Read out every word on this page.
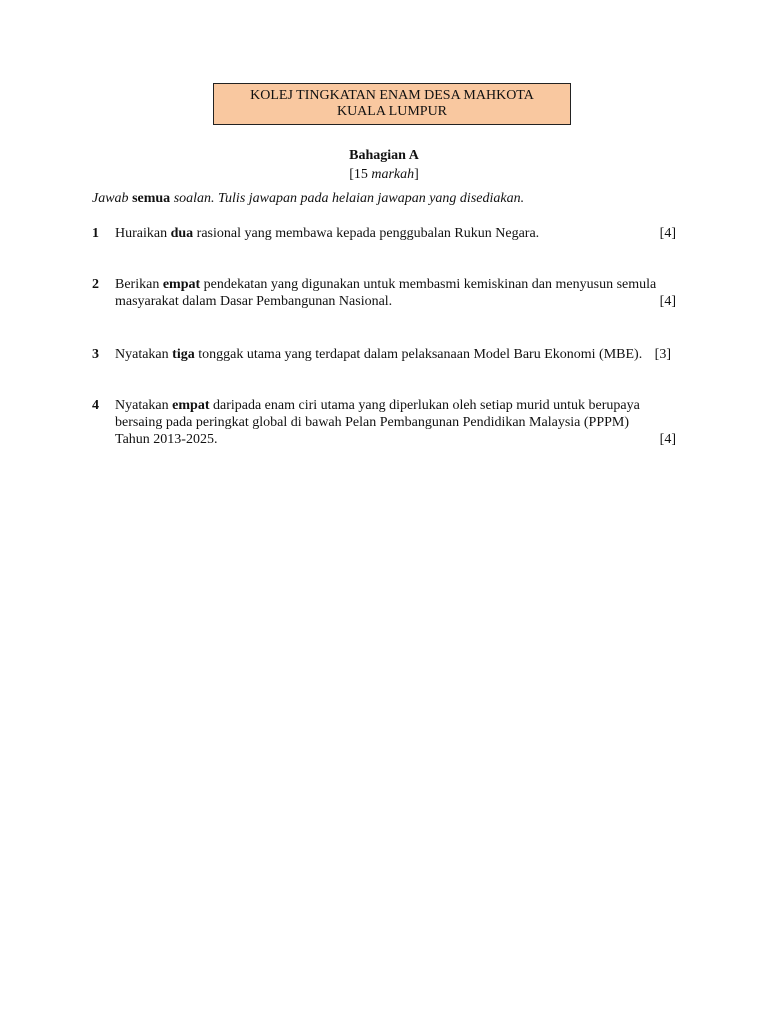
KOLEJ TINGKATAN ENAM DESA MAHKOTA
KUALA LUMPUR
Bahagian A
[15 markah]
Jawab semua soalan. Tulis jawapan pada helaian jawapan yang disediakan.
1 Huraikan dua rasional yang membawa kepada penggubalan Rukun Negara.	[4]
2 Berikan empat pendekatan yang digunakan untuk membasmi kemiskinan dan menyusun semula
masyarakat dalam Dasar Pembangunan Nasional.	[4]
3 Nyatakan tiga tonggak utama yang terdapat dalam pelaksanaan Model Baru Ekonomi (MBE). [3]
4 Nyatakan empat daripada enam ciri utama yang diperlukan oleh setiap murid untuk berupaya
bersaing pada peringkat global di bawah Pelan Pembangunan Pendidikan Malaysia (PPPM)
Tahun 2013-2025.	[4]
